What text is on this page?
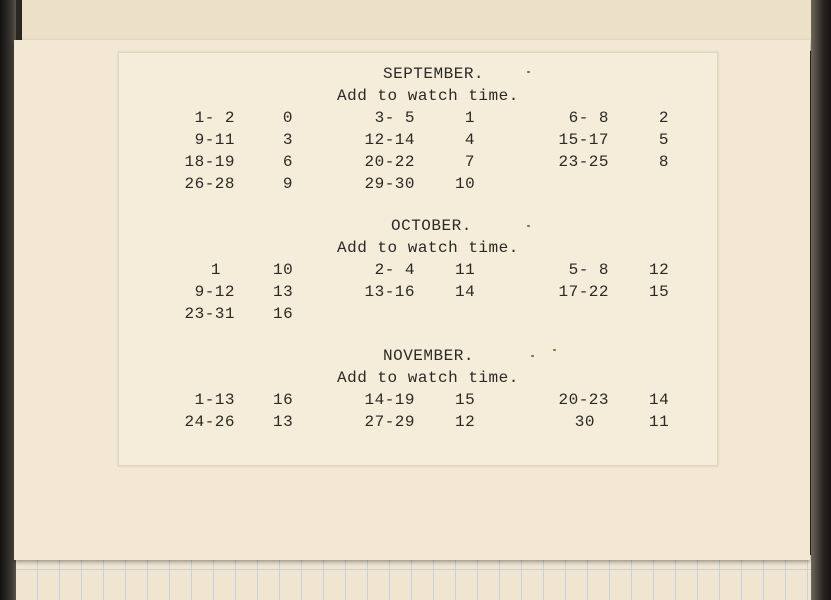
SEPTEMBER.
Add to watch time.
1- 2	0	3- 5	1	6- 8	2
9-11	3	12-14	4	15-17	5
18-19	6	20-22	7	23-25	8
26-28	9	29-30	10
OCTOBER.
Add to watch time.
1	10	2- 4	11	5- 8	12
9-12 13	13-16	14	17-22	15
23-31 16
NOVEMBER.
Add to watch time.
1-13 16	14-19	15	20-23	14
24-26 13	27-29	12	30	11
